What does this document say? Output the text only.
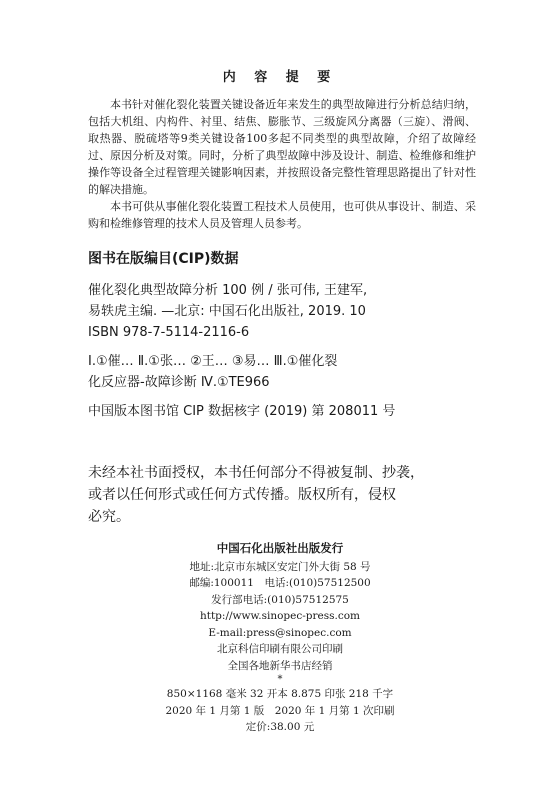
内 容 提 要

本书针对催化裂化装置关键设备近年来发生的典型故障进行分析总结归纳，包括大机组、内构件、衬里、结焦、膨胀节、三级旋风分离器（三旋）、滑阀、取热器、脱硫塔等9类关键设备100多起不同类型的典型故障，介绍了故障经过、原因分析及对策。同时，分析了典型故障中涉及设计、制造、检维修和维护操作等设备全过程管理关键影响因素，并按照设备完整性管理思路提出了针对性的解决措施。

本书可供从事催化裂化装置工程技术人员使用，也可供从事设计、制造、采购和检维修管理的技术人员及管理人员参考。

图书在版编目(CIP)数据
催化裂化典型故障分析 100 例 / 张可伟, 王建军,
易轶虎主编. —北京: 中国石化出版社, 2019. 10
ISBN 978-7-5114-2116-6
Ⅰ.①催… Ⅱ.①张… ②王… ③易… Ⅲ.①催化裂
化反应器-故障诊断 Ⅳ.①TE966
中国版本图书馆 CIP 数据核字 (2019) 第 208011 号
未经本社书面授权，本书任何部分不得被复制、抄袭，
或者以任何形式或任何方式传播。版权所有，侵权
必究。
中国石化出版社出版发行
地址:北京市东城区安定门外大街 58 号
邮编:100011　电话:(010)57512500
发行部电话:(010)57512575
http://www.sinopec-press.com
E-mail:press@sinopec.com
北京科信印刷有限公司印刷
全国各地新华书店经销
*
850×1168 毫米 32 开本 8.875 印张 218 千字
2020 年 1 月第 1 版　2020 年 1 月第 1 次印刷
定价:38.00 元
